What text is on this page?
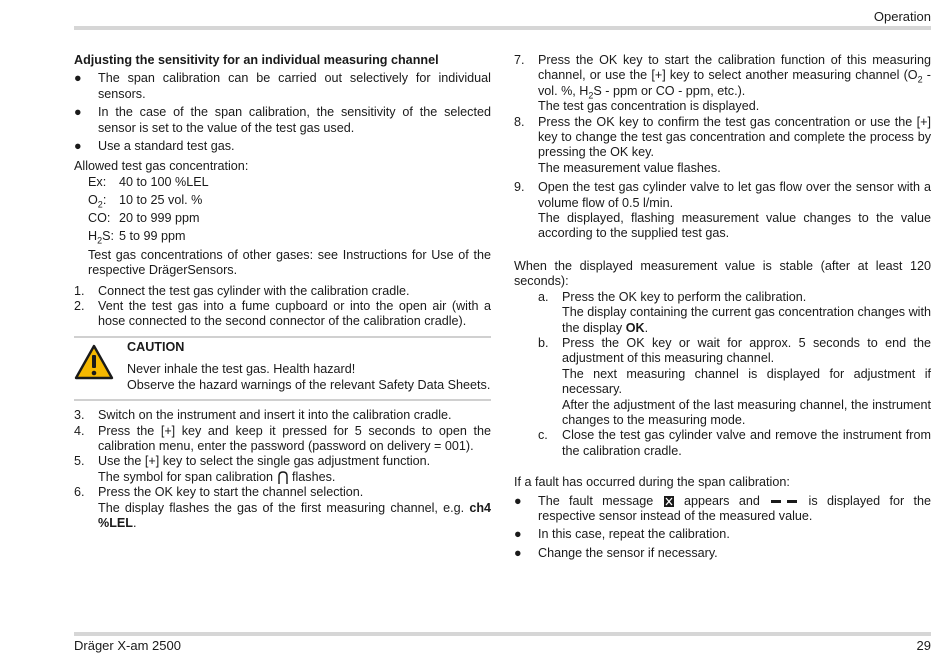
Operation

Adjusting the sensitivity for an individual measuring channel

● The span calibration can be carried out selectively for individual sensors.
● In the case of the span calibration, the sensitivity of the selected sensor is set to the value of the test gas used.
● Use a standard test gas.

Allowed test gas concentration:

Ex: 40 to 100 %LEL
$O_2$: 10 to 25 vol. %
CO: 20 to 999 ppm
$H_2S$: 5 to 99 ppm

Test gas concentrations of other gases: see Instructions for Use of the respective DrägerSensors.

1. Connect the test gas cylinder with the calibration cradle.
2. Vent the test gas into a fume cupboard or into the open air (with a hose connected to the second connector of the calibration cradle).

CAUTION

Never inhale the test gas. Health hazard!

Observe the hazard warnings of the relevant Safety Data Sheets.

3. Switch on the instrument and insert it into the calibration cradle.
4. Press the [+] key and keep it pressed for 5 seconds to open the calibration menu, enter the password (password on delivery = 001).
5. Use the [+] key to select the single gas adjustment function.
The symbol for span calibration flashes.
6. Press the OK key to start the channel selection.
The display flashes the gas of the first measuring channel, e.g. ch4 %LEL.
7. Press the OK key to start the calibration function of this measuring channel, or use the [+] key to select another measuring channel ($O_2$ - vol. %, $H_2S$ - ppm or CO - ppm, etc.).
The test gas concentration is displayed.
8. Press the OK key to confirm the test gas concentration or use the [+] key to change the test gas concentration and complete the process by pressing the OK key.
The measurement value flashes.
9. Open the test gas cylinder valve to let gas flow over the sensor with a volume flow of 0.5 l/min.
The displayed, flashing measurement value changes to the value according to the supplied test gas.

When the displayed measurement value is stable (after at least 120 seconds):

a. Press the OK key to perform the calibration.
The display containing the current gas concentration changes with the display OK.
b. Press the OK key or wait for approx. 5 seconds to end the adjustment of this measuring channel.
The next measuring channel is displayed for adjustment if necessary.
After the adjustment of the last measuring channel, the instrument changes to the measuring mode.
c. Close the test gas cylinder valve and remove the instrument from the calibration cradle.

If a fault has occurred during the span calibration:

● The fault message appears and	is displayed for the respective sensor instead of the measured value.
● In this case, repeat the calibration.
● Change the sensor if necessary.
Dräger X-am 2500	29
